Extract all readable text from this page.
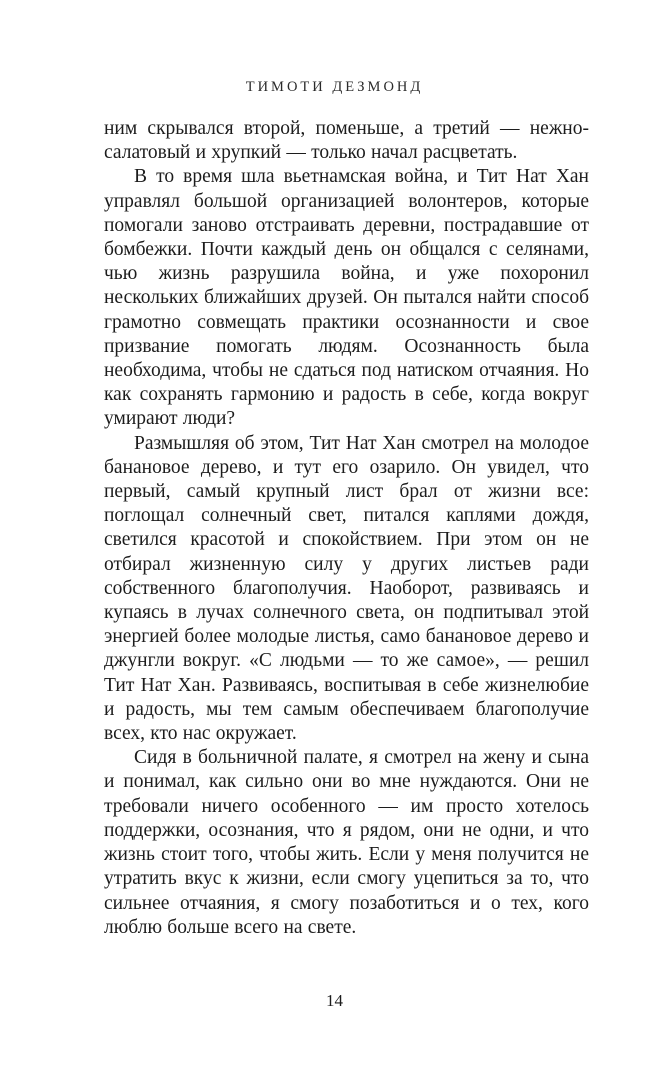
ТИМОТИ ДЕЗМОНД

ним скрывался второй, поменьше, а третий — нежно-салатовый и хрупкий — только начал расцветать.

В то время шла вьетнамская война, и Тит Нат Хан управлял большой организацией волонтеров, которые помогали заново отстраивать деревни, пострадавшие от бомбежки. Почти каждый день он общался с селянами, чью жизнь разрушила война, и уже похоронил нескольких ближайших друзей. Он пытался найти способ грамотно совмещать практики осознанности и свое призвание помогать людям. Осознанность была необходима, чтобы не сдаться под натиском отчаяния. Но как сохранять гармонию и радость в себе, когда вокруг умирают люди?

Размышляя об этом, Тит Нат Хан смотрел на молодое банановое дерево, и тут его озарило. Он увидел, что первый, самый крупный лист брал от жизни все: поглощал солнечный свет, питался каплями дождя, светился красотой и спокойствием. При этом он не отбирал жизненную силу у других листьев ради собственного благополучия. Наоборот, развиваясь и купаясь в лучах солнечного света, он подпитывал этой энергией более молодые листья, само банановое дерево и джунгли вокруг. «С людьми — то же самое», — решил Тит Нат Хан. Развиваясь, воспитывая в себе жизнелюбие и радость, мы тем самым обеспечиваем благополучие всех, кто нас окружает.

Сидя в больничной палате, я смотрел на жену и сына и понимал, как сильно они во мне нуждаются. Они не требовали ничего особенного — им просто хотелось поддержки, осознания, что я рядом, они не одни, и что жизнь стоит того, чтобы жить. Если у меня получится не утратить вкус к жизни, если смогу уцепиться за то, что сильнее отчаяния, я смогу позаботиться и о тех, кого люблю больше всего на свете.

14
